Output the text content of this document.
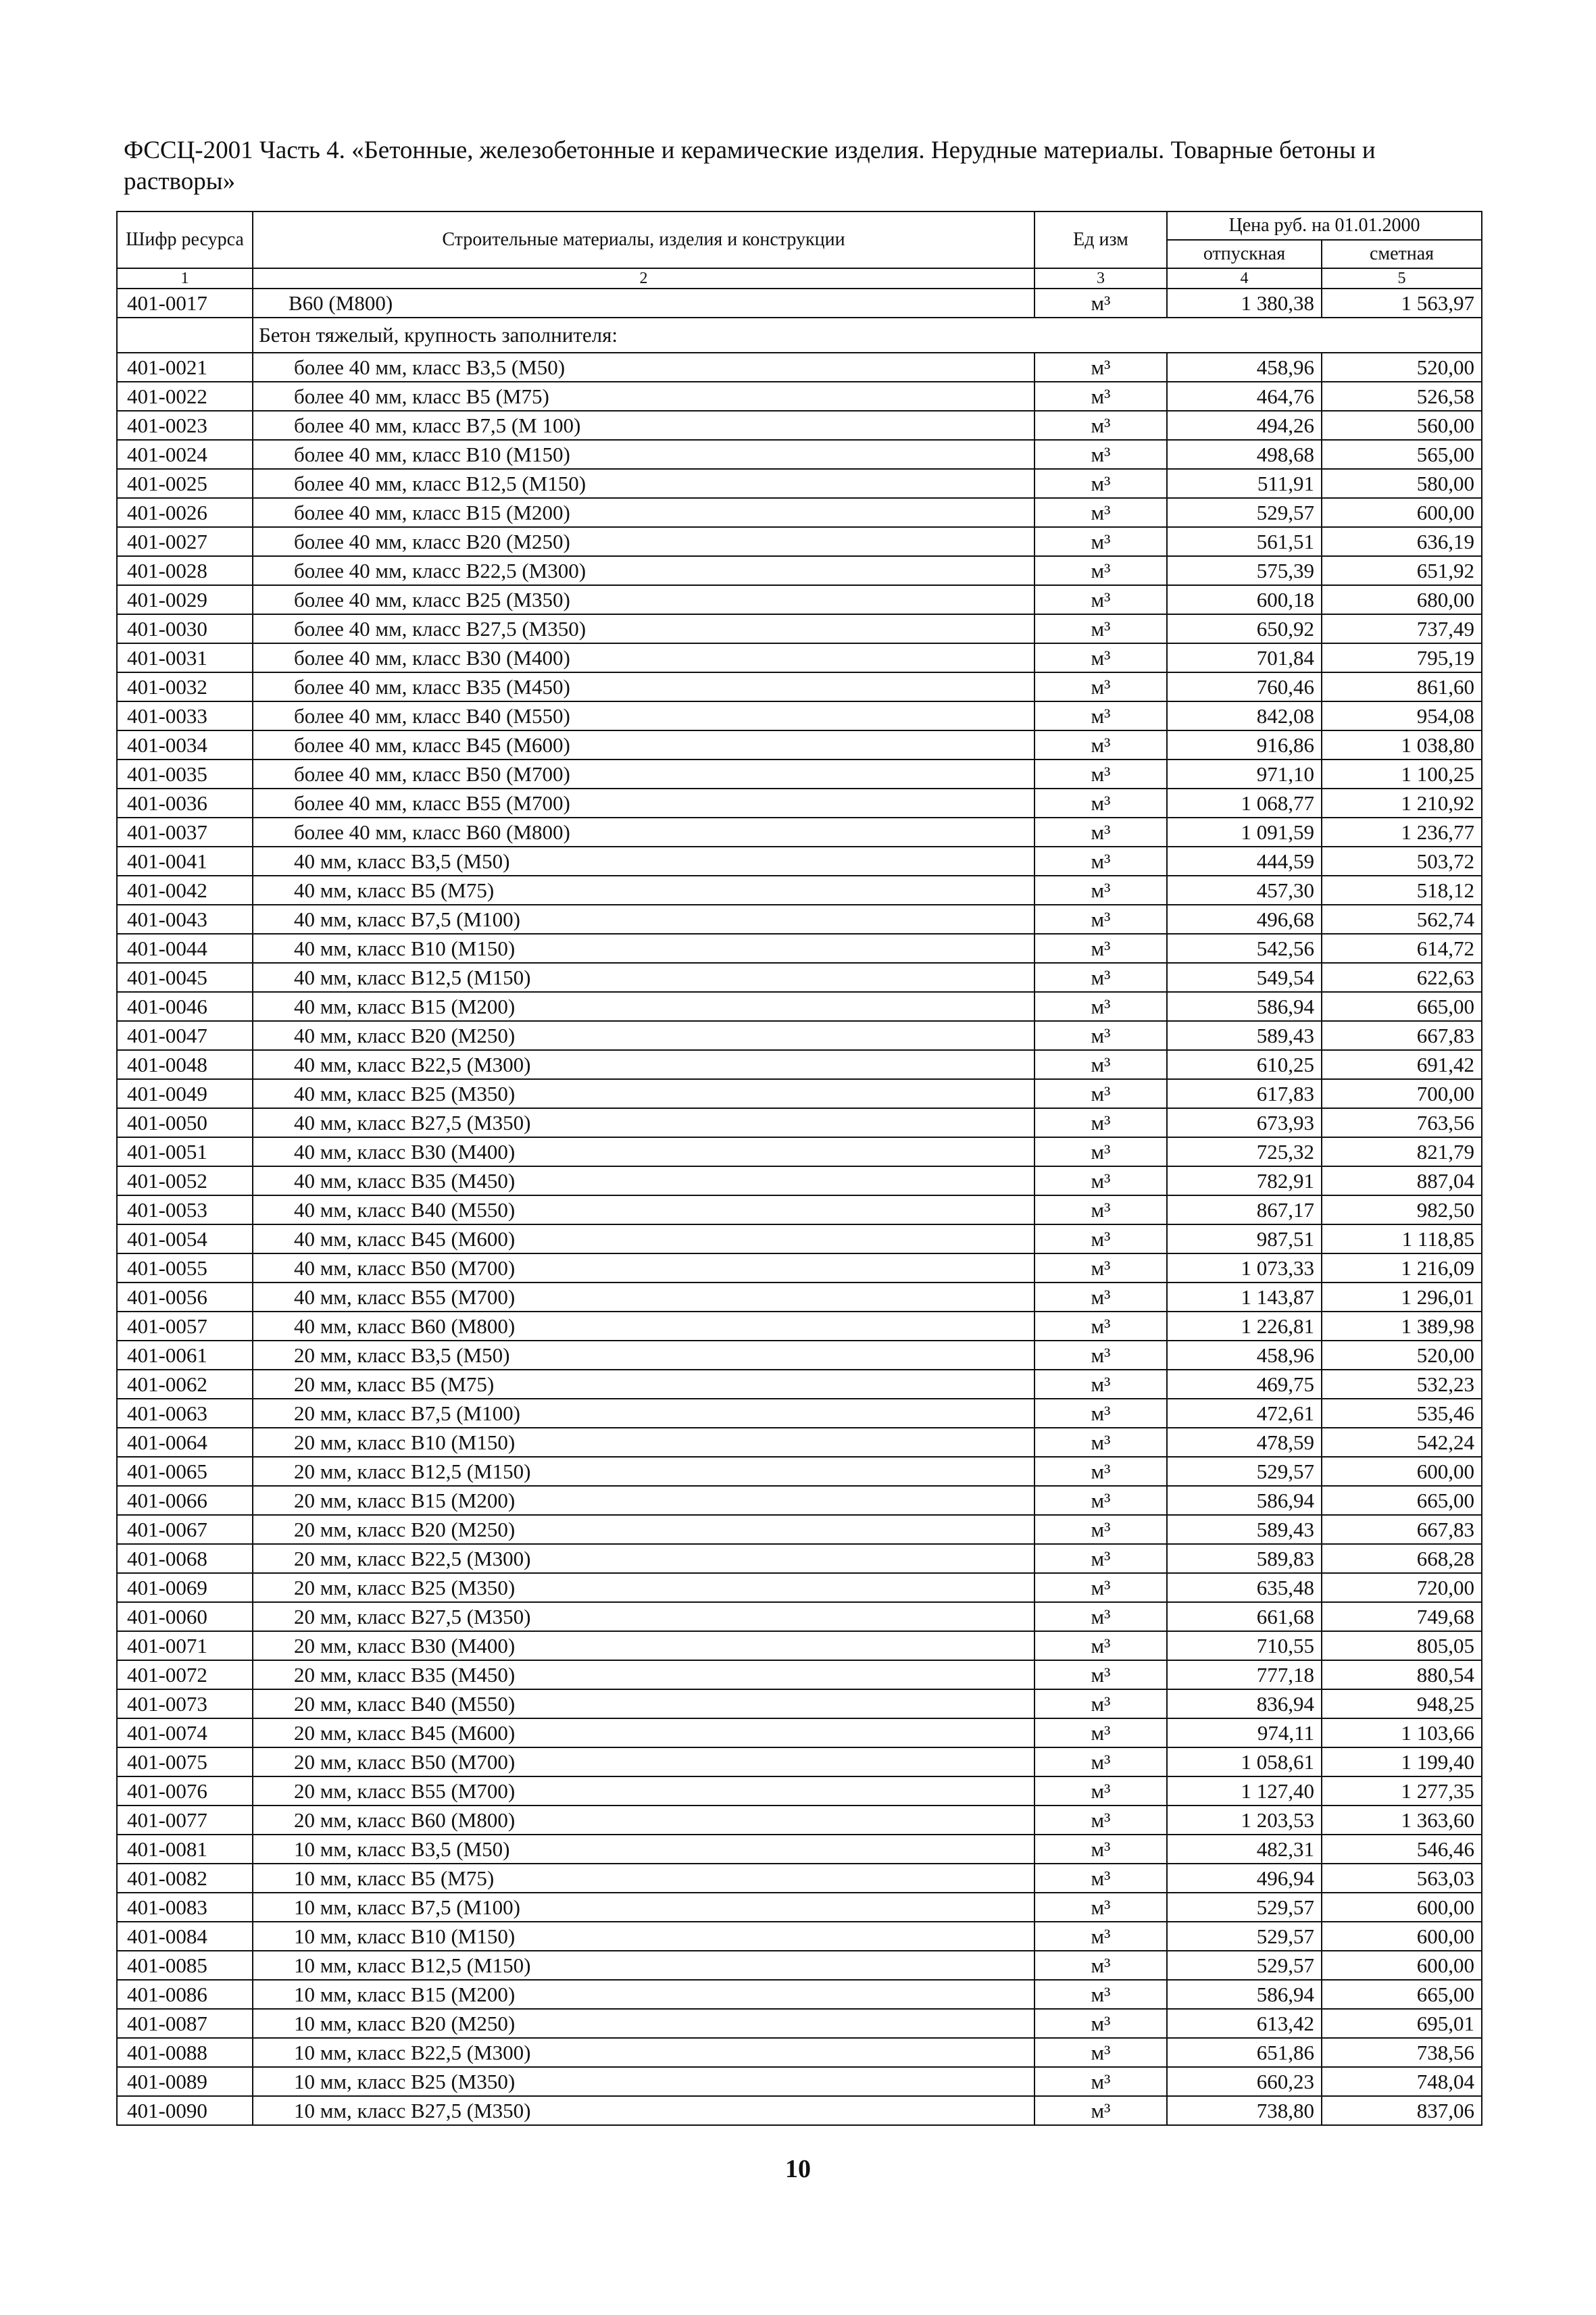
ФССЦ-2001 Часть 4. «Бетонные, железобетонные и керамические изделия. Нерудные материалы. Товарные бетоны и растворы»
Шифр ресурса	Строительные материалы, изделия и конструкции	Ед изм	Цена руб. на 01.01.2000	
			отпускная	сметная
1	2	3	4	5
401-0017	В60 (М800)	м³	1 380,38	1 563,97
	Бетон тяжелый, крупность заполнителя:			
401-0021	более 40 мм, класс В3,5 (М50)	м³	458,96	520,00
401-0022	более 40 мм, класс В5 (М75)	м³	464,76	526,58
401-0023	более 40 мм, класс В7,5 (М 100)	м³	494,26	560,00
401-0024	более 40 мм, класс В10 (М150)	м³	498,68	565,00
401-0025	более 40 мм, класс В12,5 (М150)	м³	511,91	580,00
401-0026	более 40 мм, класс В15 (М200)	м³	529,57	600,00
401-0027	более 40 мм, класс В20 (М250)	м³	561,51	636,19
401-0028	более 40 мм, класс В22,5 (М300)	м³	575,39	651,92
401-0029	более 40 мм, класс В25 (М350)	м³	600,18	680,00
401-0030	более 40 мм, класс В27,5 (М350)	м³	650,92	737,49
401-0031	более 40 мм, класс В30 (М400)	м³	701,84	795,19
401-0032	более 40 мм, класс В35 (М450)	м³	760,46	861,60
401-0033	более 40 мм, класс В40 (М550)	м³	842,08	954,08
401-0034	более 40 мм, класс В45 (М600)	м³	916,86	1 038,80
401-0035	более 40 мм, класс В50 (М700)	м³	971,10	1 100,25
401-0036	более 40 мм, класс В55 (М700)	м³	1 068,77	1 210,92
401-0037	более 40 мм, класс В60 (М800)	м³	1 091,59	1 236,77
401-0041	40 мм, класс В3,5 (М50)	м³	444,59	503,72
401-0042	40 мм, класс В5 (М75)	м³	457,30	518,12
401-0043	40 мм, класс В7,5 (М100)	м³	496,68	562,74
401-0044	40 мм, класс В10 (М150)	м³	542,56	614,72
401-0045	40 мм, класс В12,5 (М150)	м³	549,54	622,63
401-0046	40 мм, класс В15 (М200)	м³	586,94	665,00
401-0047	40 мм, класс В20 (М250)	м³	589,43	667,83
401-0048	40 мм, класс В22,5 (М300)	м³	610,25	691,42
401-0049	40 мм, класс В25 (М350)	м³	617,83	700,00
401-0050	40 мм, класс В27,5 (М350)	м³	673,93	763,56
401-0051	40 мм, класс В30 (М400)	м³	725,32	821,79
401-0052	40 мм, класс В35 (М450)	м³	782,91	887,04
401-0053	40 мм, класс В40 (М550)	м³	867,17	982,50
401-0054	40 мм, класс В45 (М600)	м³	987,51	1 118,85
401-0055	40 мм, класс В50 (М700)	м³	1 073,33	1 216,09
401-0056	40 мм, класс В55 (М700)	м³	1 143,87	1 296,01
401-0057	40 мм, класс В60 (М800)	м³	1 226,81	1 389,98
401-0061	20 мм, класс В3,5 (М50)	м³	458,96	520,00
401-0062	20 мм, класс В5 (М75)	м³	469,75	532,23
401-0063	20 мм, класс В7,5 (М100)	м³	472,61	535,46
401-0064	20 мм, класс В10 (М150)	м³	478,59	542,24
401-0065	20 мм, класс В12,5 (М150)	м³	529,57	600,00
401-0066	20 мм, класс В15 (М200)	м³	586,94	665,00
401-0067	20 мм, класс В20 (М250)	м³	589,43	667,83
401-0068	20 мм, класс В22,5 (М300)	м³	589,83	668,28
401-0069	20 мм, класс В25 (М350)	м³	635,48	720,00
401-0060	20 мм, класс В27,5 (М350)	м³	661,68	749,68
401-0071	20 мм, класс В30 (М400)	м³	710,55	805,05
401-0072	20 мм, класс В35 (М450)	м³	777,18	880,54
401-0073	20 мм, класс В40 (М550)	м³	836,94	948,25
401-0074	20 мм, класс В45 (М600)	м³	974,11	1 103,66
401-0075	20 мм, класс В50 (М700)	м³	1 058,61	1 199,40
401-0076	20 мм, класс В55 (М700)	м³	1 127,40	1 277,35
401-0077	20 мм, класс В60 (М800)	м³	1 203,53	1 363,60
401-0081	10 мм, класс В3,5 (М50)	м³	482,31	546,46
401-0082	10 мм, класс В5 (М75)	м³	496,94	563,03
401-0083	10 мм, класс В7,5 (М100)	м³	529,57	600,00
401-0084	10 мм, класс В10 (М150)	м³	529,57	600,00
401-0085	10 мм, класс В12,5 (М150)	м³	529,57	600,00
401-0086	10 мм, класс В15 (М200)	м³	586,94	665,00
401-0087	10 мм, класс В20 (М250)	м³	613,42	695,01
401-0088	10 мм, класс В22,5 (М300)	м³	651,86	738,56
401-0089	10 мм, класс В25 (М350)	м³	660,23	748,04
401-0090	10 мм, класс В27,5 (М350)	м³	738,80	837,06
10
